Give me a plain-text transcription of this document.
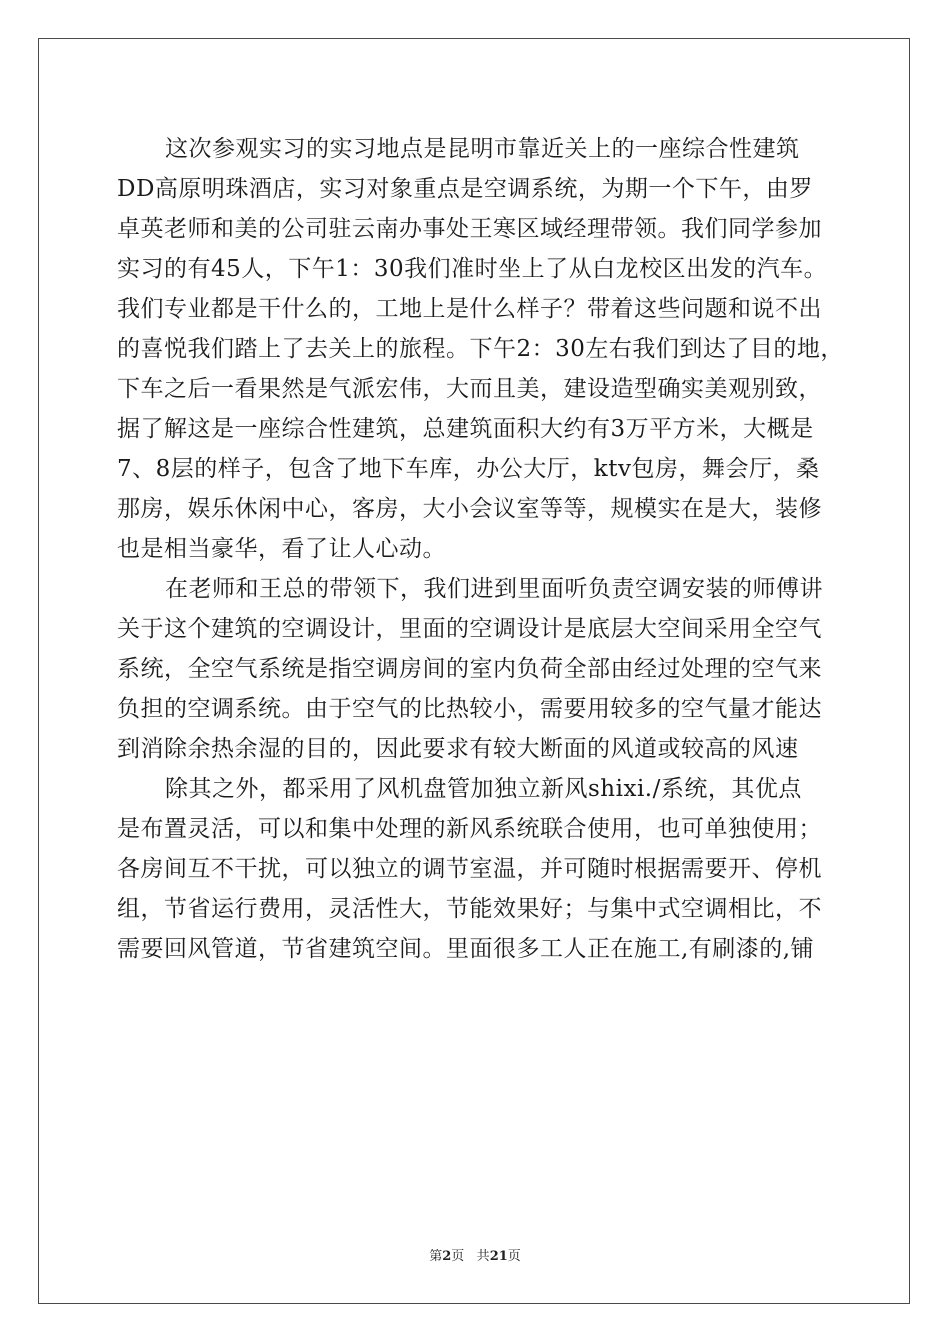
这次参观实习的实习地点是昆明市靠近关上的一座综合性建筑
DD高原明珠酒店，实习对象重点是空调系统，为期一个下午，由罗
卓英老师和美的公司驻云南办事处王寒区域经理带领。我们同学参加
实习的有45人，下午1：30我们准时坐上了从白龙校区出发的汽车。
我们专业都是干什么的，工地上是什么样子？带着这些问题和说不出
的喜悦我们踏上了去关上的旅程。下午2：30左右我们到达了目的地，
下车之后一看果然是气派宏伟，大而且美，建设造型确实美观别致，
据了解这是一座综合性建筑，总建筑面积大约有3万平方米，大概是
7、8层的样子，包含了地下车库，办公大厅，ktv包房，舞会厅，桑
那房，娱乐休闲中心，客房，大小会议室等等，规模实在是大，装修
也是相当豪华，看了让人心动。
在老师和王总的带领下，我们进到里面听负责空调安装的师傅讲
关于这个建筑的空调设计，里面的空调设计是底层大空间采用全空气
系统，全空气系统是指空调房间的室内负荷全部由经过处理的空气来
负担的空调系统。由于空气的比热较小，需要用较多的空气量才能达
到消除余热余湿的目的，因此要求有较大断面的风道或较高的风速
除其之外，都采用了风机盘管加独立新风shixi./系统，其优点
是布置灵活，可以和集中处理的新风系统联合使用，也可单独使用；
各房间互不干扰，可以独立的调节室温，并可随时根据需要开、停机
组，节省运行费用，灵活性大，节能效果好；与集中式空调相比，不
需要回风管道，节省建筑空间。里面很多工人正在施工,有刷漆的,铺
第2页 共21页
